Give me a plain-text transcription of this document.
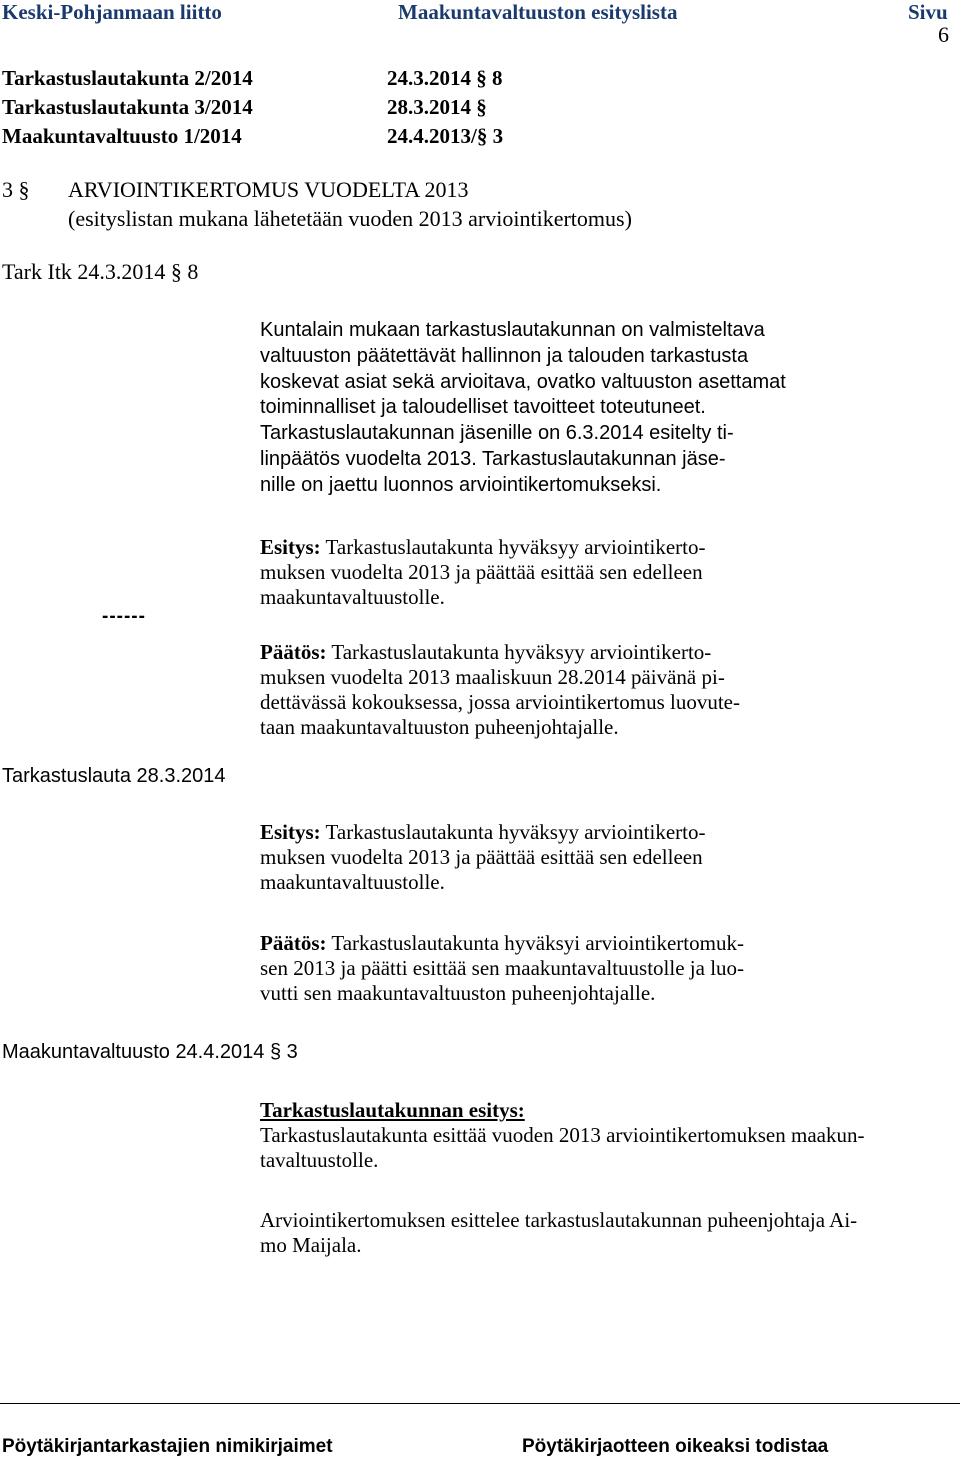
Keski-Pohjanmaan liitto	Maakuntavaltuuston esityslista	Sivu
6
Tarkastuslautakunta 2/2014	24.3.2014 § 8
Tarkastuslautakunta 3/2014	28.3.2014 §
Maakuntavaltuusto 1/2014	24.4.2013/§ 3
3 § ARVIOINTIKERTOMUS VUODELTA 2013
(esityslistan mukana lähetetään vuoden 2013 arviointikertomus)
Tark Itk 24.3.2014 § 8
------
Tarkastuslauta 28.3.2014
Maakuntavaltuusto 24.4.2014 § 3
Kuntalain mukaan tarkastuslautakunnan on valmisteltava
valtuuston päätettävät hallinnon ja talouden tarkastusta
koskevat asiat sekä arvioitava, ovatko valtuuston asettamat
toiminnalliset ja taloudelliset tavoitteet toteutuneet.
Tarkastuslautakunnan jäsenille on 6.3.2014 esitelty ti-
linpäätös vuodelta 2013. Tarkastuslautakunnan jäse-
nille on jaettu luonnos arviointikertomukseksi.
Esitys: Tarkastuslautakunta hyväksyy arviointikerto-
muksen vuodelta 2013 ja päättää esittää sen edelleen
maakuntavaltuustolle.
Päätös: Tarkastuslautakunta hyväksyy arviointikerto-
muksen vuodelta 2013 maaliskuun 28.2014 päivänä pi-
dettävässä kokouksessa, jossa arviointikertomus luovute-
taan maakuntavaltuuston puheenjohtajalle.
Esitys: Tarkastuslautakunta hyväksyy arviointikerto-
muksen vuodelta 2013 ja päättää esittää sen edelleen
maakuntavaltuustolle.
Päätös: Tarkastuslautakunta hyväksyi arviointikertomuk-
sen 2013 ja päätti esittää sen maakuntavaltuustolle ja luo-
vutti sen maakuntavaltuuston puheenjohtajalle.
Tarkastuslautakunnan esitys:
Tarkastuslautakunta esittää vuoden 2013 arviointikertomuksen maakun-
tavaltuustolle.
Arviointikertomuksen esittelee tarkastuslautakunnan puheenjohtaja Ai-
mo Maijala.
Pöytäkirjantarkastajien nimikirjaimet	Pöytäkirjaotteen oikeaksi todistaa
